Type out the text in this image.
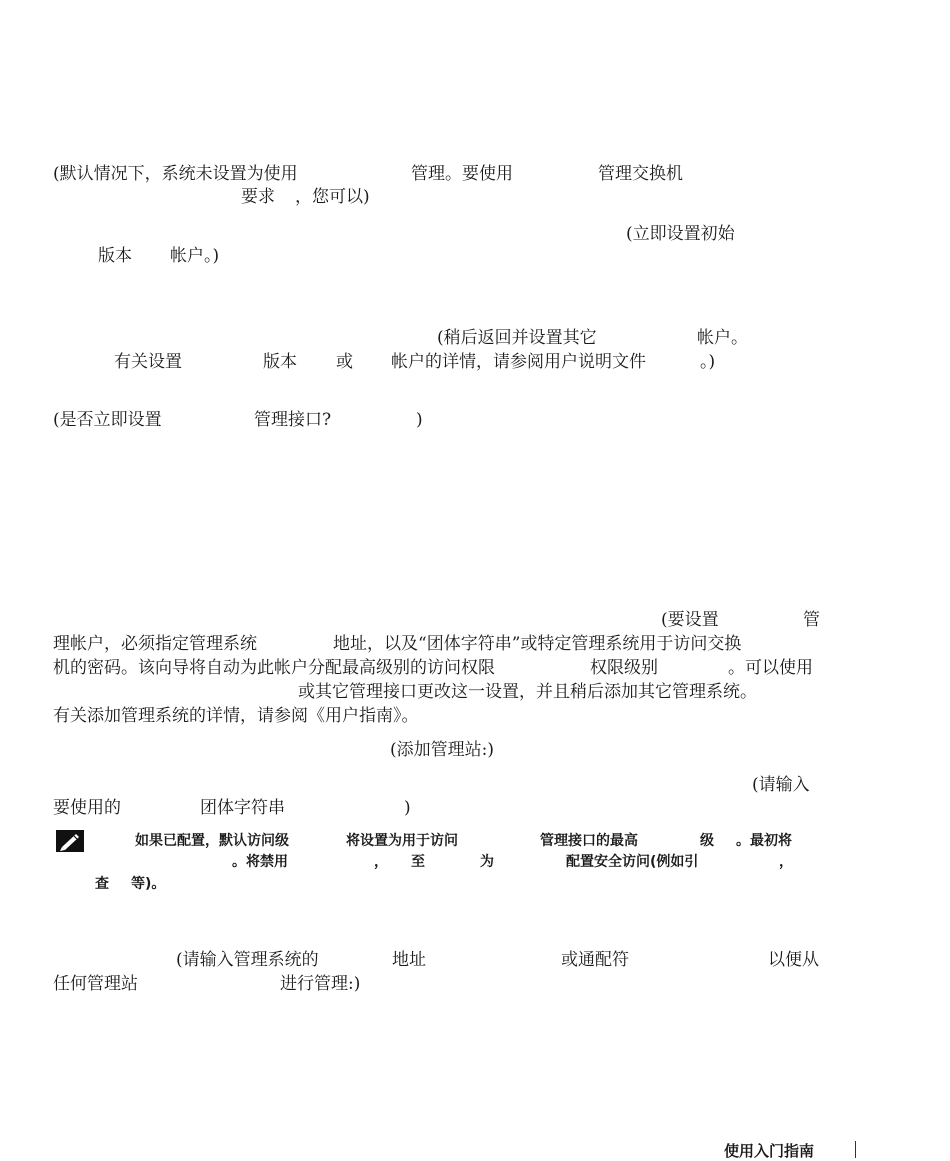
(默认情况下，系统未设置为使用	管理。要使用	管理交换机
要求 ，您可以)
(立即设置初始
版本 帐户。)
(稍后返回并设置其它	帐户。
有关设置	版本 或 帐户的详情，请参阅用户说明文件	。)
(是否立即设置	管理接口?	)
(要设置	管
理帐户，必须指定管理系统	地址，以及“团体字符串”或特定管理系统用于访问交换
机的密码。该向导将自动为此帐户分配最高级别的访问权限	权限级别	。可以使用
或其它管理接口更改这一设置，并且稍后添加其它管理系统。
有关添加管理系统的详情，请参阅《用户指南》。
(添加管理站:)
(请输入
要使用的	团体字符串	)
如果已配置，默认访问级	将设置为用于访问	管理接口的最高	级 。最初将
。将禁用	， 至	为	配置安全访问(例如引	，
查 等)。
(请输入管理系统的	地址	或通配符	以便从
任何管理站	进行管理:)
使用入门指南
